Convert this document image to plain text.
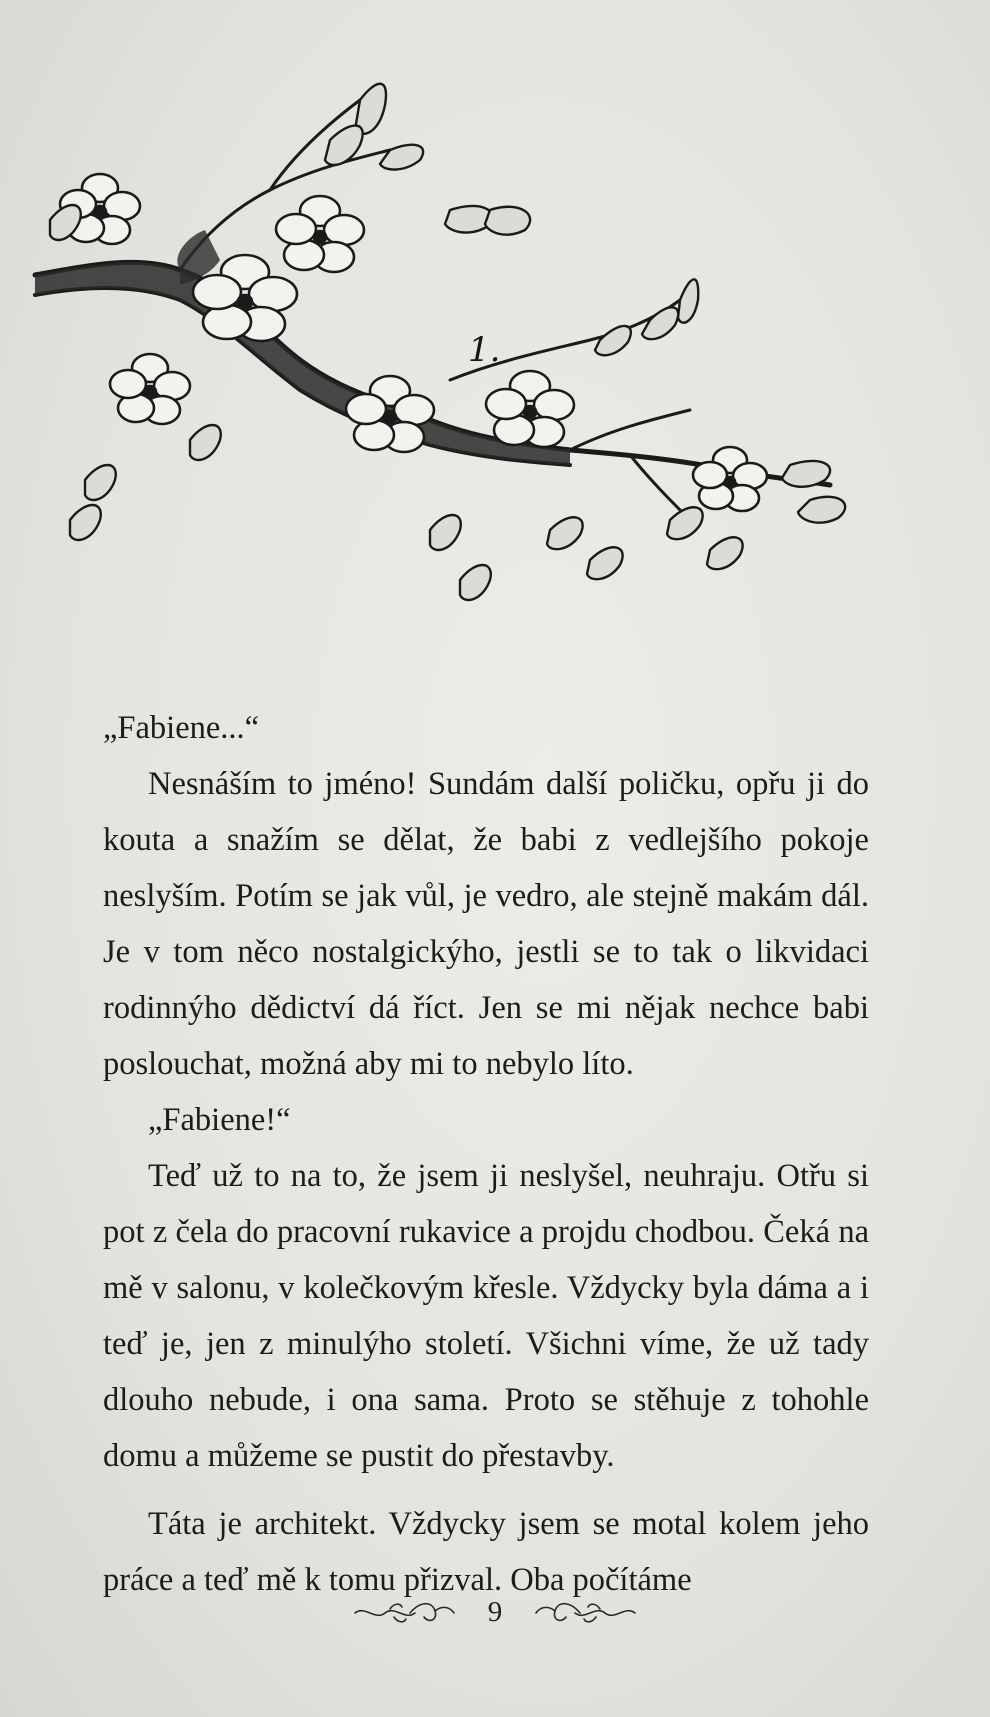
1.

„Fabiene...“

Nesnáším to jméno! Sundám další poličku, opřu ji do kouta a snažím se dělat, že babi z vedlejšího pokoje neslyším. Potím se jak vůl, je vedro, ale stejně makám dál. Je v tom něco nostalgickýho, jestli se to tak o likvidaci rodinnýho dědictví dá říct. Jen se mi nějak nechce babi poslouchat, možná aby mi to nebylo líto.

„Fabiene!“

Teď už to na to, že jsem ji neslyšel, neuhraju. Otřu si pot z čela do pracovní rukavice a projdu chodbou. Čeká na mě v salonu, v kolečkovým křesle. Vždycky byla dáma a i teď je, jen z minulýho století. Všichni víme, že už tady dlouho nebude, i ona sama. Proto se stěhuje z tohohle domu a můžeme se pustit do přestavby.

Táta je architekt. Vždycky jsem se motal kolem jeho práce a teď mě k tomu přizval. Oba počítáme

9
